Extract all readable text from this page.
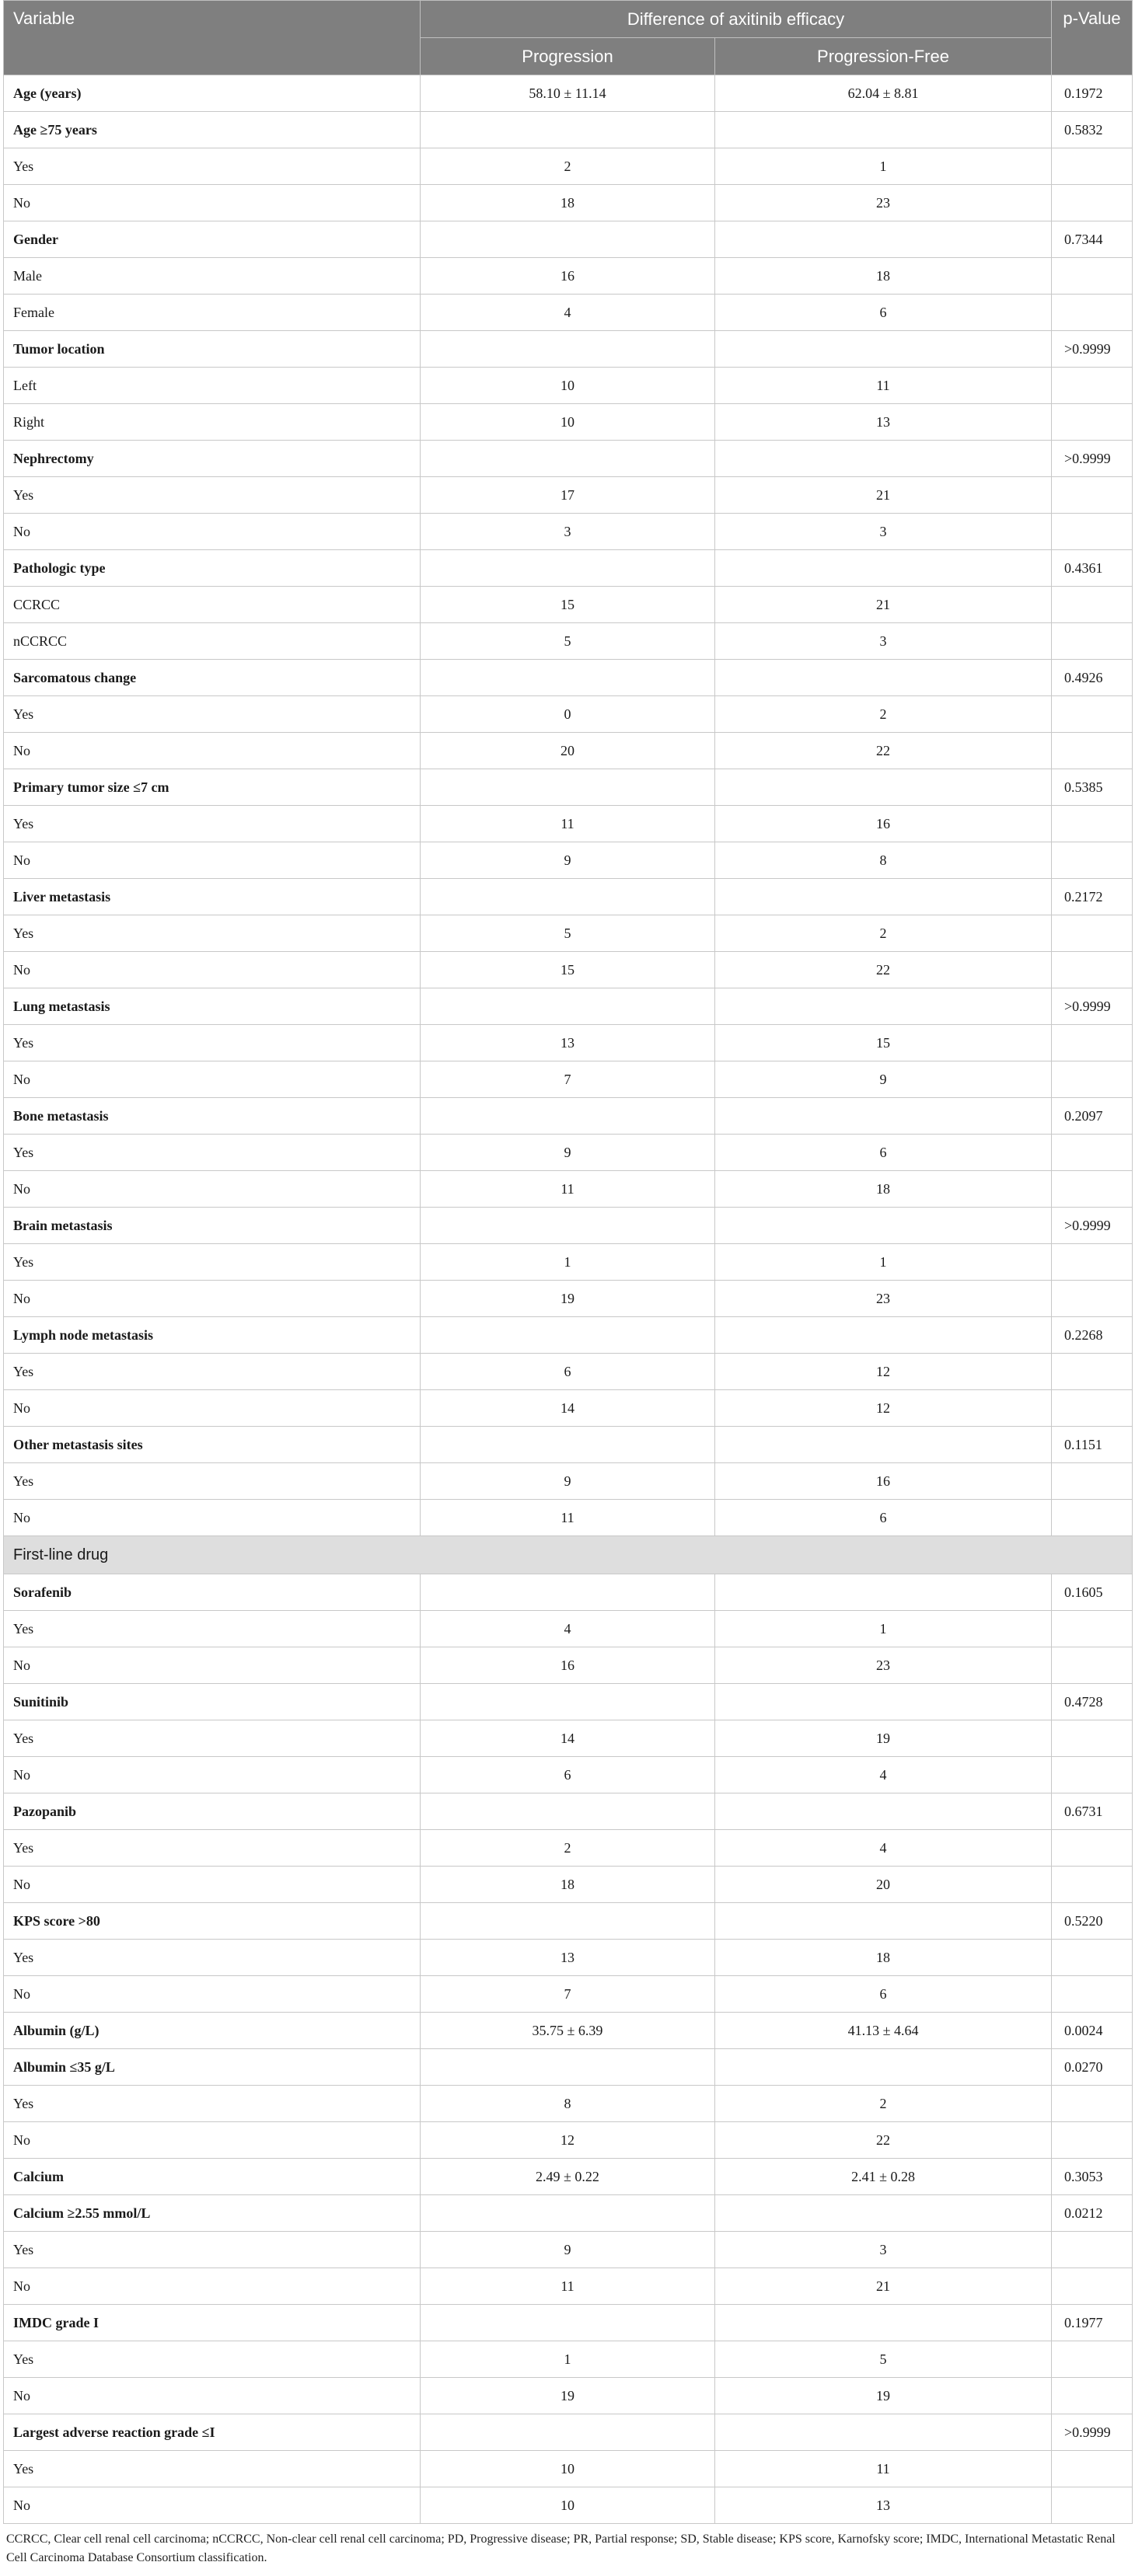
Variable	Difference of axitinib efficacy		p-Value
	Progression	Progression-Free	
Age (years)	58.10 ± 11.14	62.04 ± 8.81	0.1972
Age ≥75 years			0.5832
Yes	2	1	
No	18	23	
Gender			0.7344
Male	16	18	
Female	4	6	
Tumor location			>0.9999
Left	10	11	
Right	10	13	
Nephrectomy			>0.9999
Yes	17	21	
No	3	3	
Pathologic type			0.4361
CCRCC	15	21	
nCCRCC	5	3	
Sarcomatous change			0.4926
Yes	0	2	
No	20	22	
Primary tumor size ≤7 cm			0.5385
Yes	11	16	
No	9	8	
Liver metastasis			0.2172
Yes	5	2	
No	15	22	
Lung metastasis			>0.9999
Yes	13	15	
No	7	9	
Bone metastasis			0.2097
Yes	9	6	
No	11	18	
Brain metastasis			>0.9999
Yes	1	1	
No	19	23	
Lymph node metastasis			0.2268
Yes	6	12	
No	14	12	
Other metastasis sites			0.1151
Yes	9	16	
No	11	6	
First-line drug			
Sorafenib			0.1605
Yes	4	1	
No	16	23	
Sunitinib			0.4728
Yes	14	19	
No	6	4	
Pazopanib			0.6731
Yes	2	4	
No	18	20	
KPS score >80			0.5220
Yes	13	18	
No	7	6	
Albumin (g/L)	35.75 ± 6.39	41.13 ± 4.64	0.0024
Albumin ≤35 g/L			0.0270
Yes	8	2	
No	12	22	
Calcium	2.49 ± 0.22	2.41 ± 0.28	0.3053
Calcium ≥2.55 mmol/L			0.0212
Yes	9	3	
No	11	21	
IMDC grade I			0.1977
Yes	1	5	
No	19	19	
Largest adverse reaction grade ≤I			>0.9999
Yes	10	11	
No	10	13	
CCRCC, Clear cell renal cell carcinoma; nCCRCC, Non-clear cell renal cell carcinoma; PD, Progressive disease; PR, Partial response; SD, Stable disease; KPS score, Karnofsky score; IMDC, International Metastatic Renal Cell Carcinoma Database Consortium classification.
